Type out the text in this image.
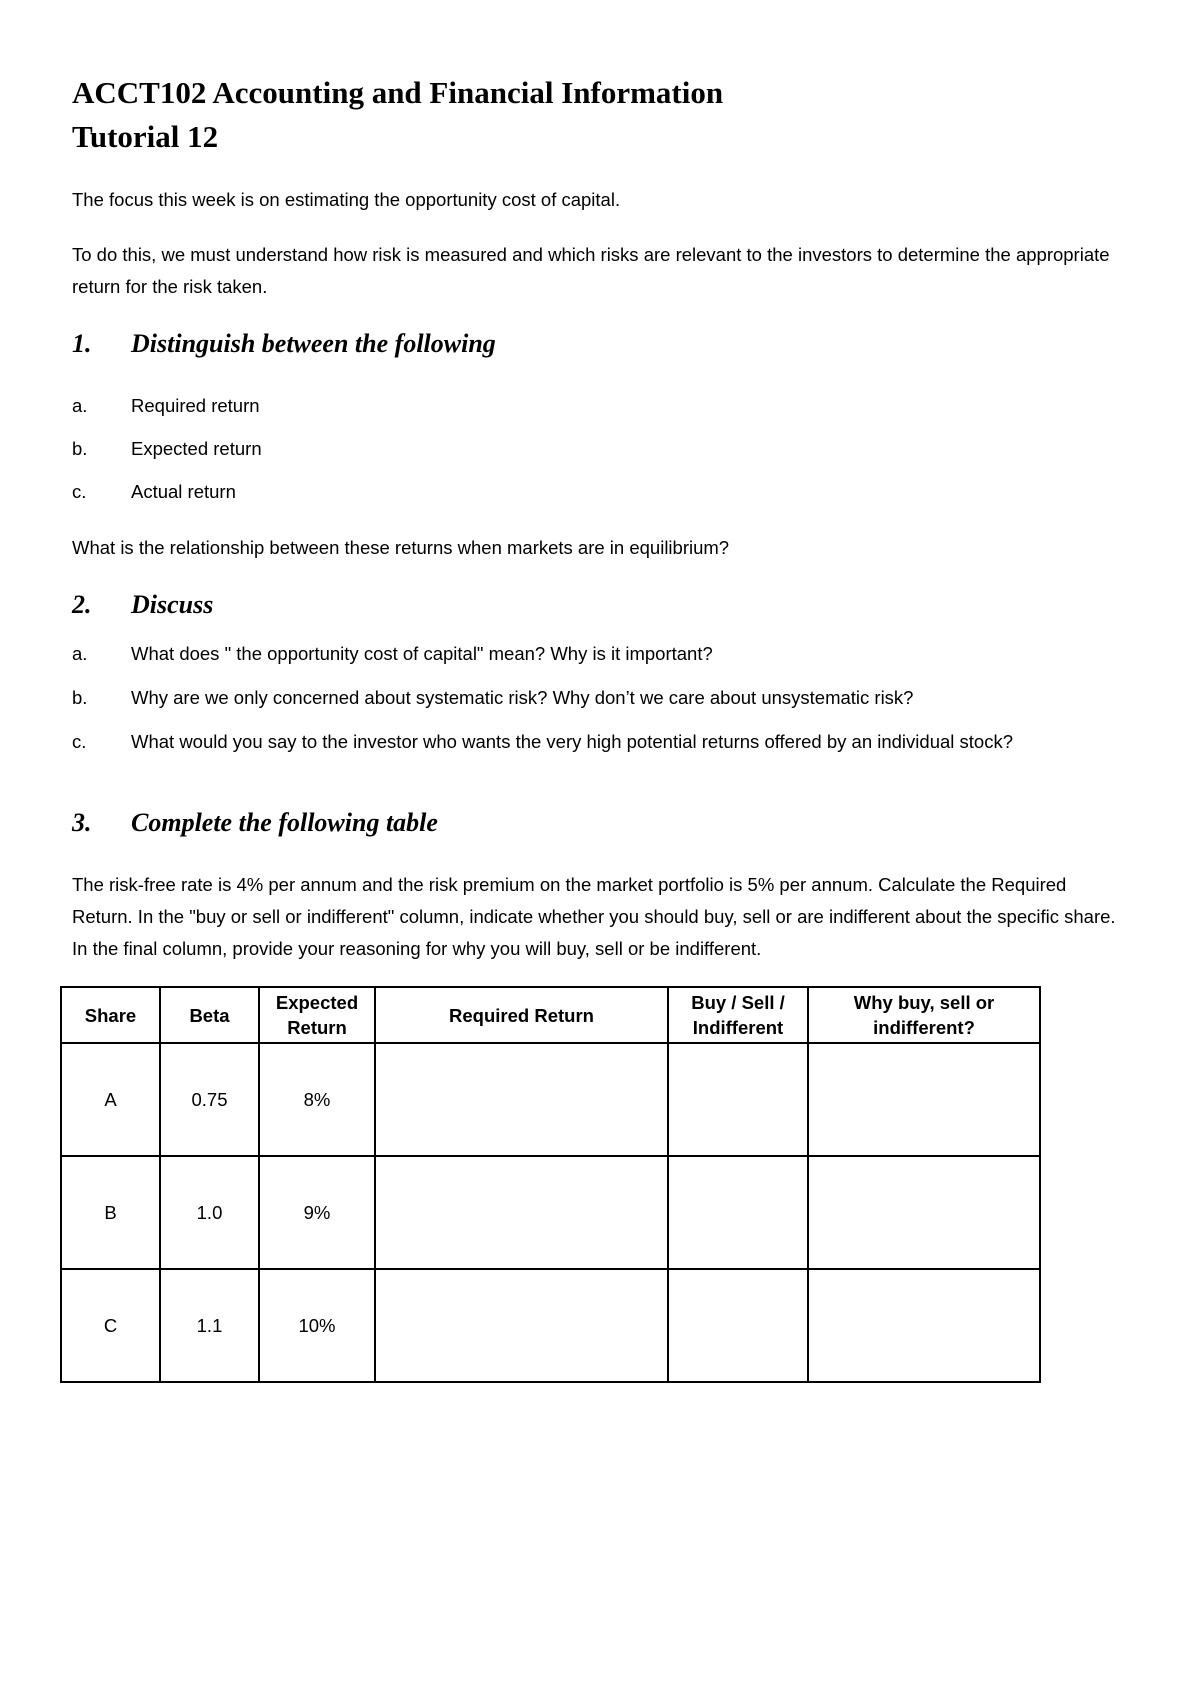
ACCT102 Accounting and Financial Information
Tutorial 12

The focus this week is on estimating the opportunity cost of capital.

To do this, we must understand how risk is measured and which risks are relevant to the investors to determine the appropriate return for the risk taken.

1. Distinguish between the following

a. Required return

b. Expected return

c. Actual return

What is the relationship between these returns when markets are in equilibrium?

2. Discuss

a. What does " the opportunity cost of capital" mean? Why is it important?

b. Why are we only concerned about systematic risk? Why don’t we care about unsystematic risk?

c. What would you say to the investor who wants the very high potential returns offered by an individual stock?

3. Complete the following table

The risk-free rate is 4% per annum and the risk premium on the market portfolio is 5% per annum. Calculate the Required Return. In the "buy or sell or indifferent" column, indicate whether you should buy, sell or are indifferent about the specific share. In the final column, provide your reasoning for why you will buy, sell or be indifferent.

Share	Beta	Expected Return	Required Return	Buy / Sell / Indifferent	Why buy, sell or indifferent?
A	0.75	8%			
B	1.0	9%			
C	1.1	10%			
